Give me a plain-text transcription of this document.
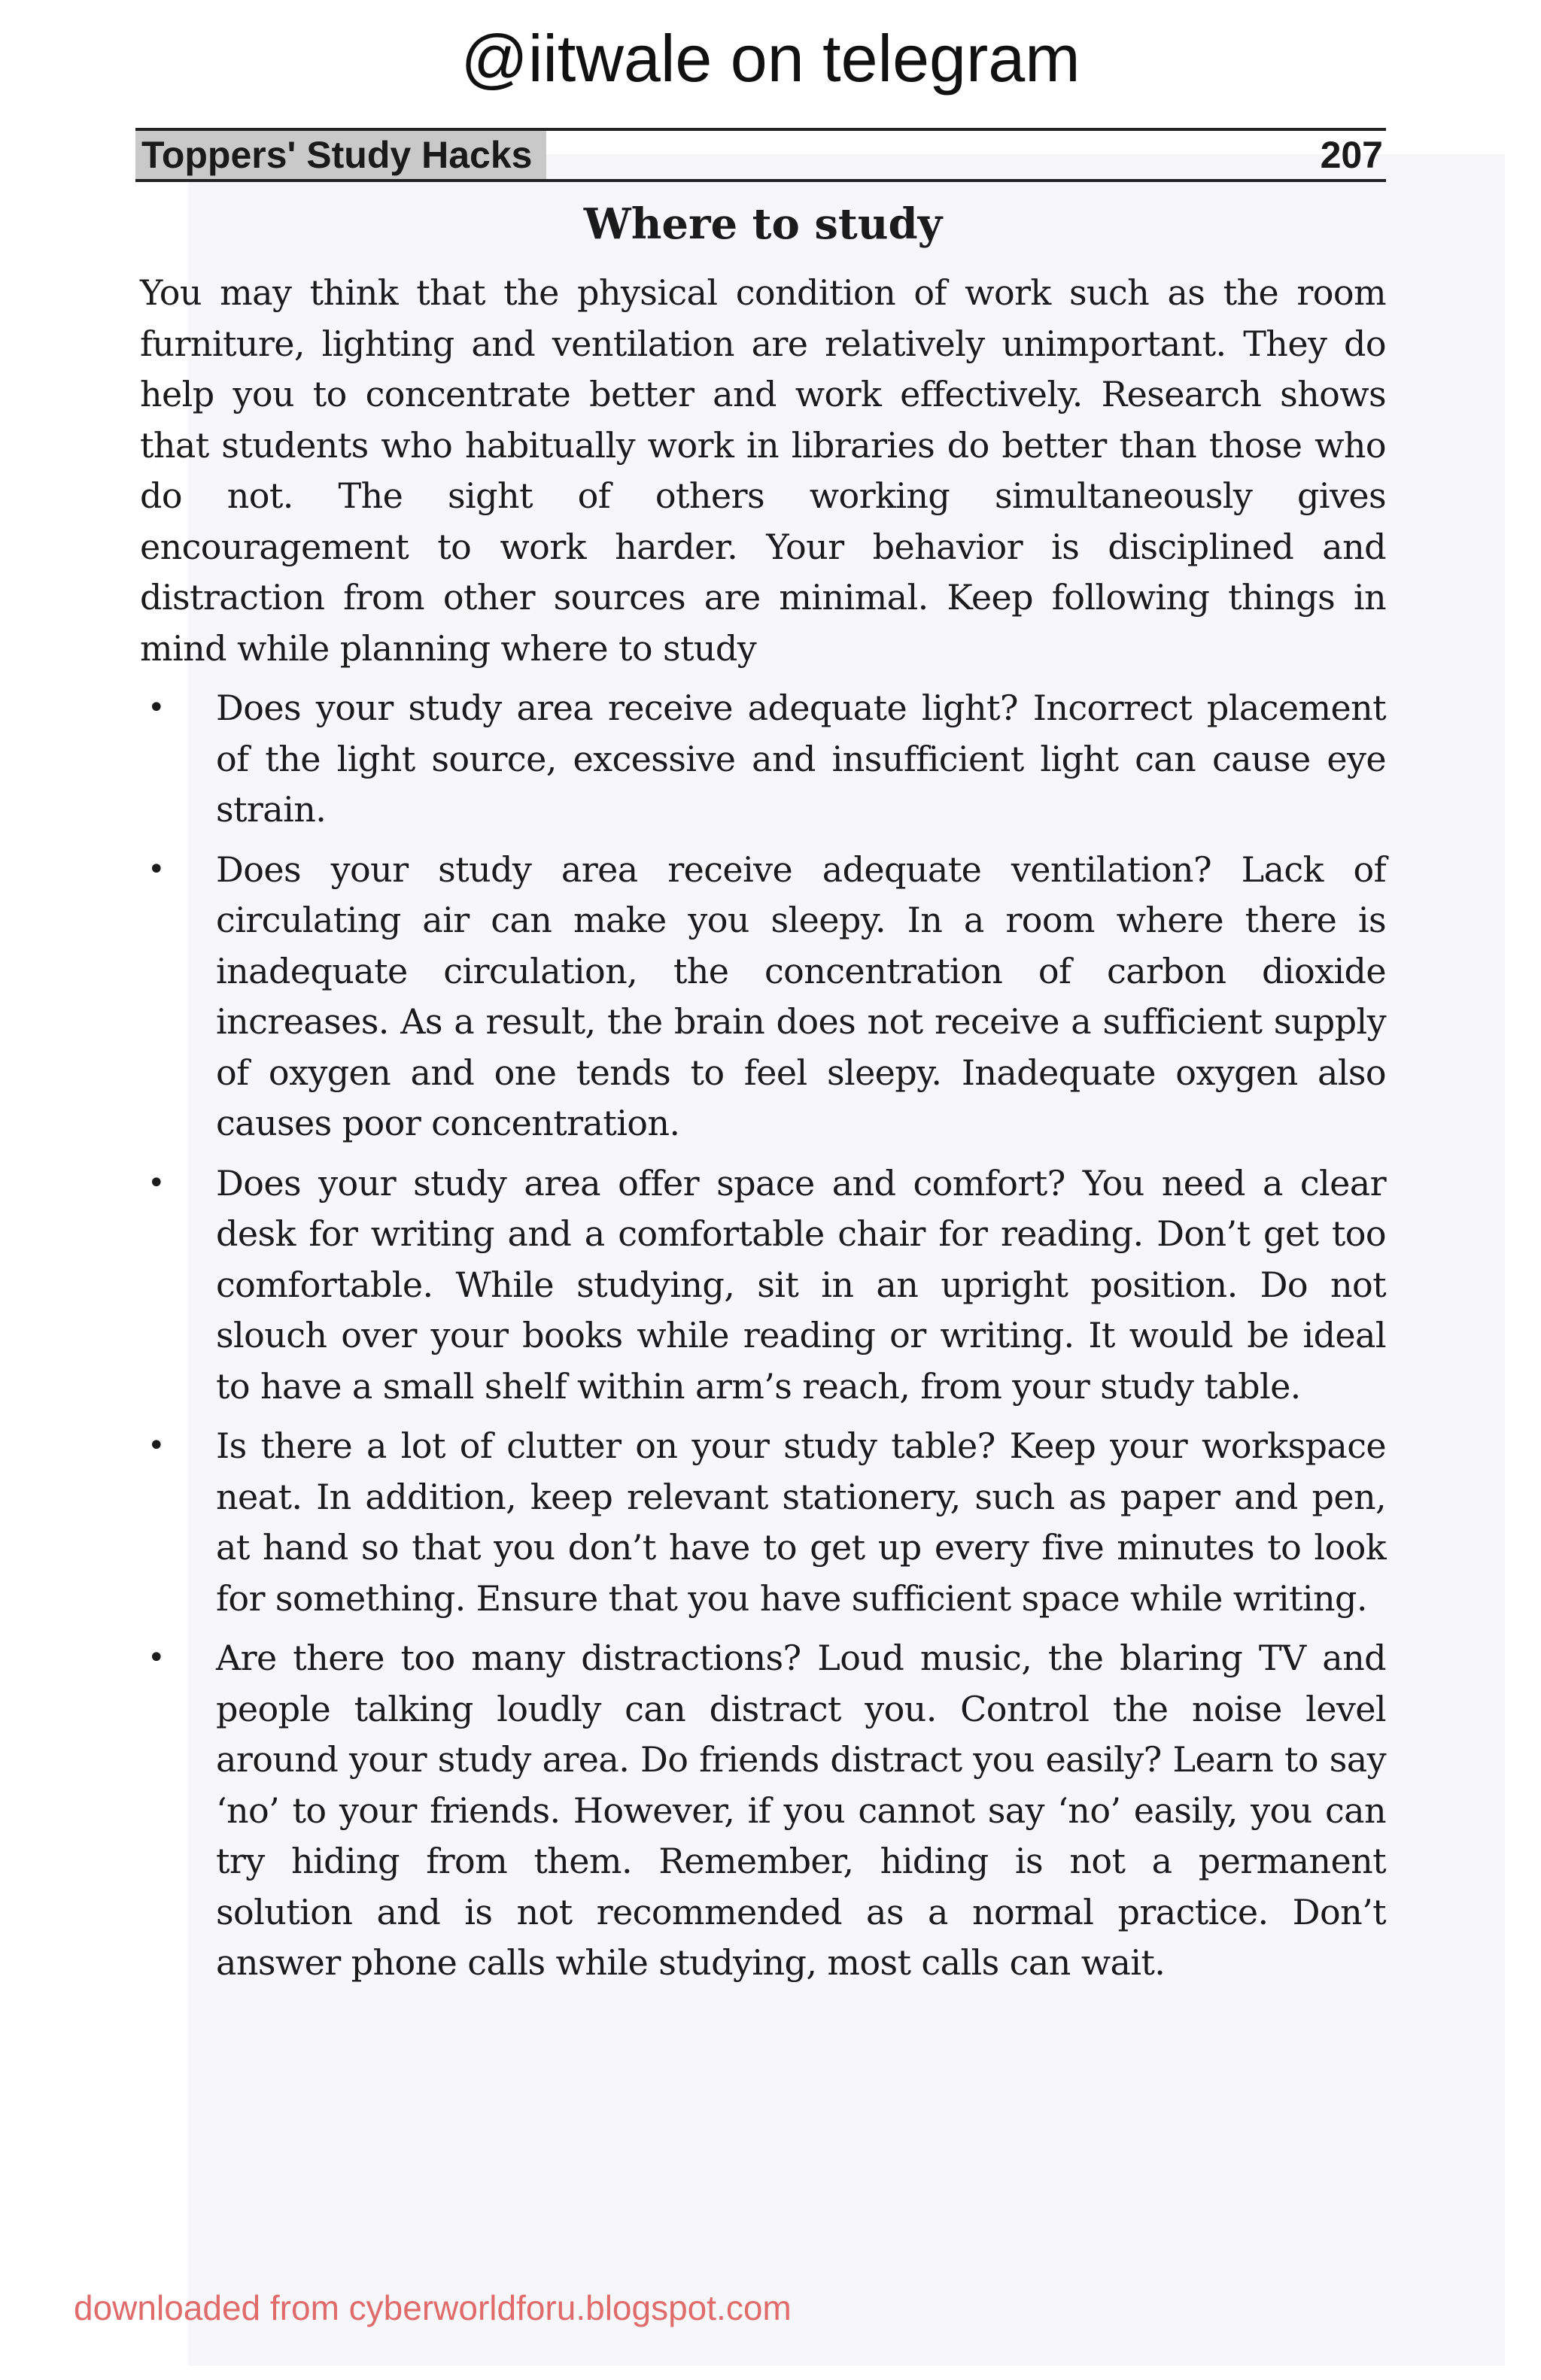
@iitwale on telegram
Toppers' Study Hacks	207
Where to study

You may think that the physical condition of work such as the room furniture, lighting and ventilation are relatively unimportant. They do help you to concentrate better and work effectively. Research shows that students who habitually work in libraries do better than those who do not. The sight of others working simultaneously gives encouragement to work harder. Your behavior is disciplined and distraction from other sources are minimal. Keep following things in mind while planning where to study

• Does your study area receive adequate light? Incorrect placement of the light source, excessive and insufficient light can cause eye strain.
• Does your study area receive adequate ventilation? Lack of circulating air can make you sleepy. In a room where there is inadequate circulation, the concentration of carbon dioxide increases. As a result, the brain does not receive a sufficient supply of oxygen and one tends to feel sleepy. Inadequate oxygen also causes poor concentration.
• Does your study area offer space and comfort? You need a clear desk for writing and a comfortable chair for reading. Don’t get too comfortable. While studying, sit in an upright position. Do not slouch over your books while reading or writing. It would be ideal to have a small shelf within arm’s reach, from your study table.
• Is there a lot of clutter on your study table? Keep your workspace neat. In addition, keep relevant stationery, such as paper and pen, at hand so that you don’t have to get up every five minutes to look for something. Ensure that you have sufficient space while writing.
• Are there too many distractions? Loud music, the blaring TV and people talking loudly can distract you. Control the noise level around your study area. Do friends distract you easily? Learn to say ‘no’ to your friends. However, if you cannot say ‘no’ easily, you can try hiding from them. Remember, hiding is not a permanent solution and is not recommended as a normal practice. Don’t answer phone calls while studying, most calls can wait.
downloaded from cyberworldforu.blogspot.com
